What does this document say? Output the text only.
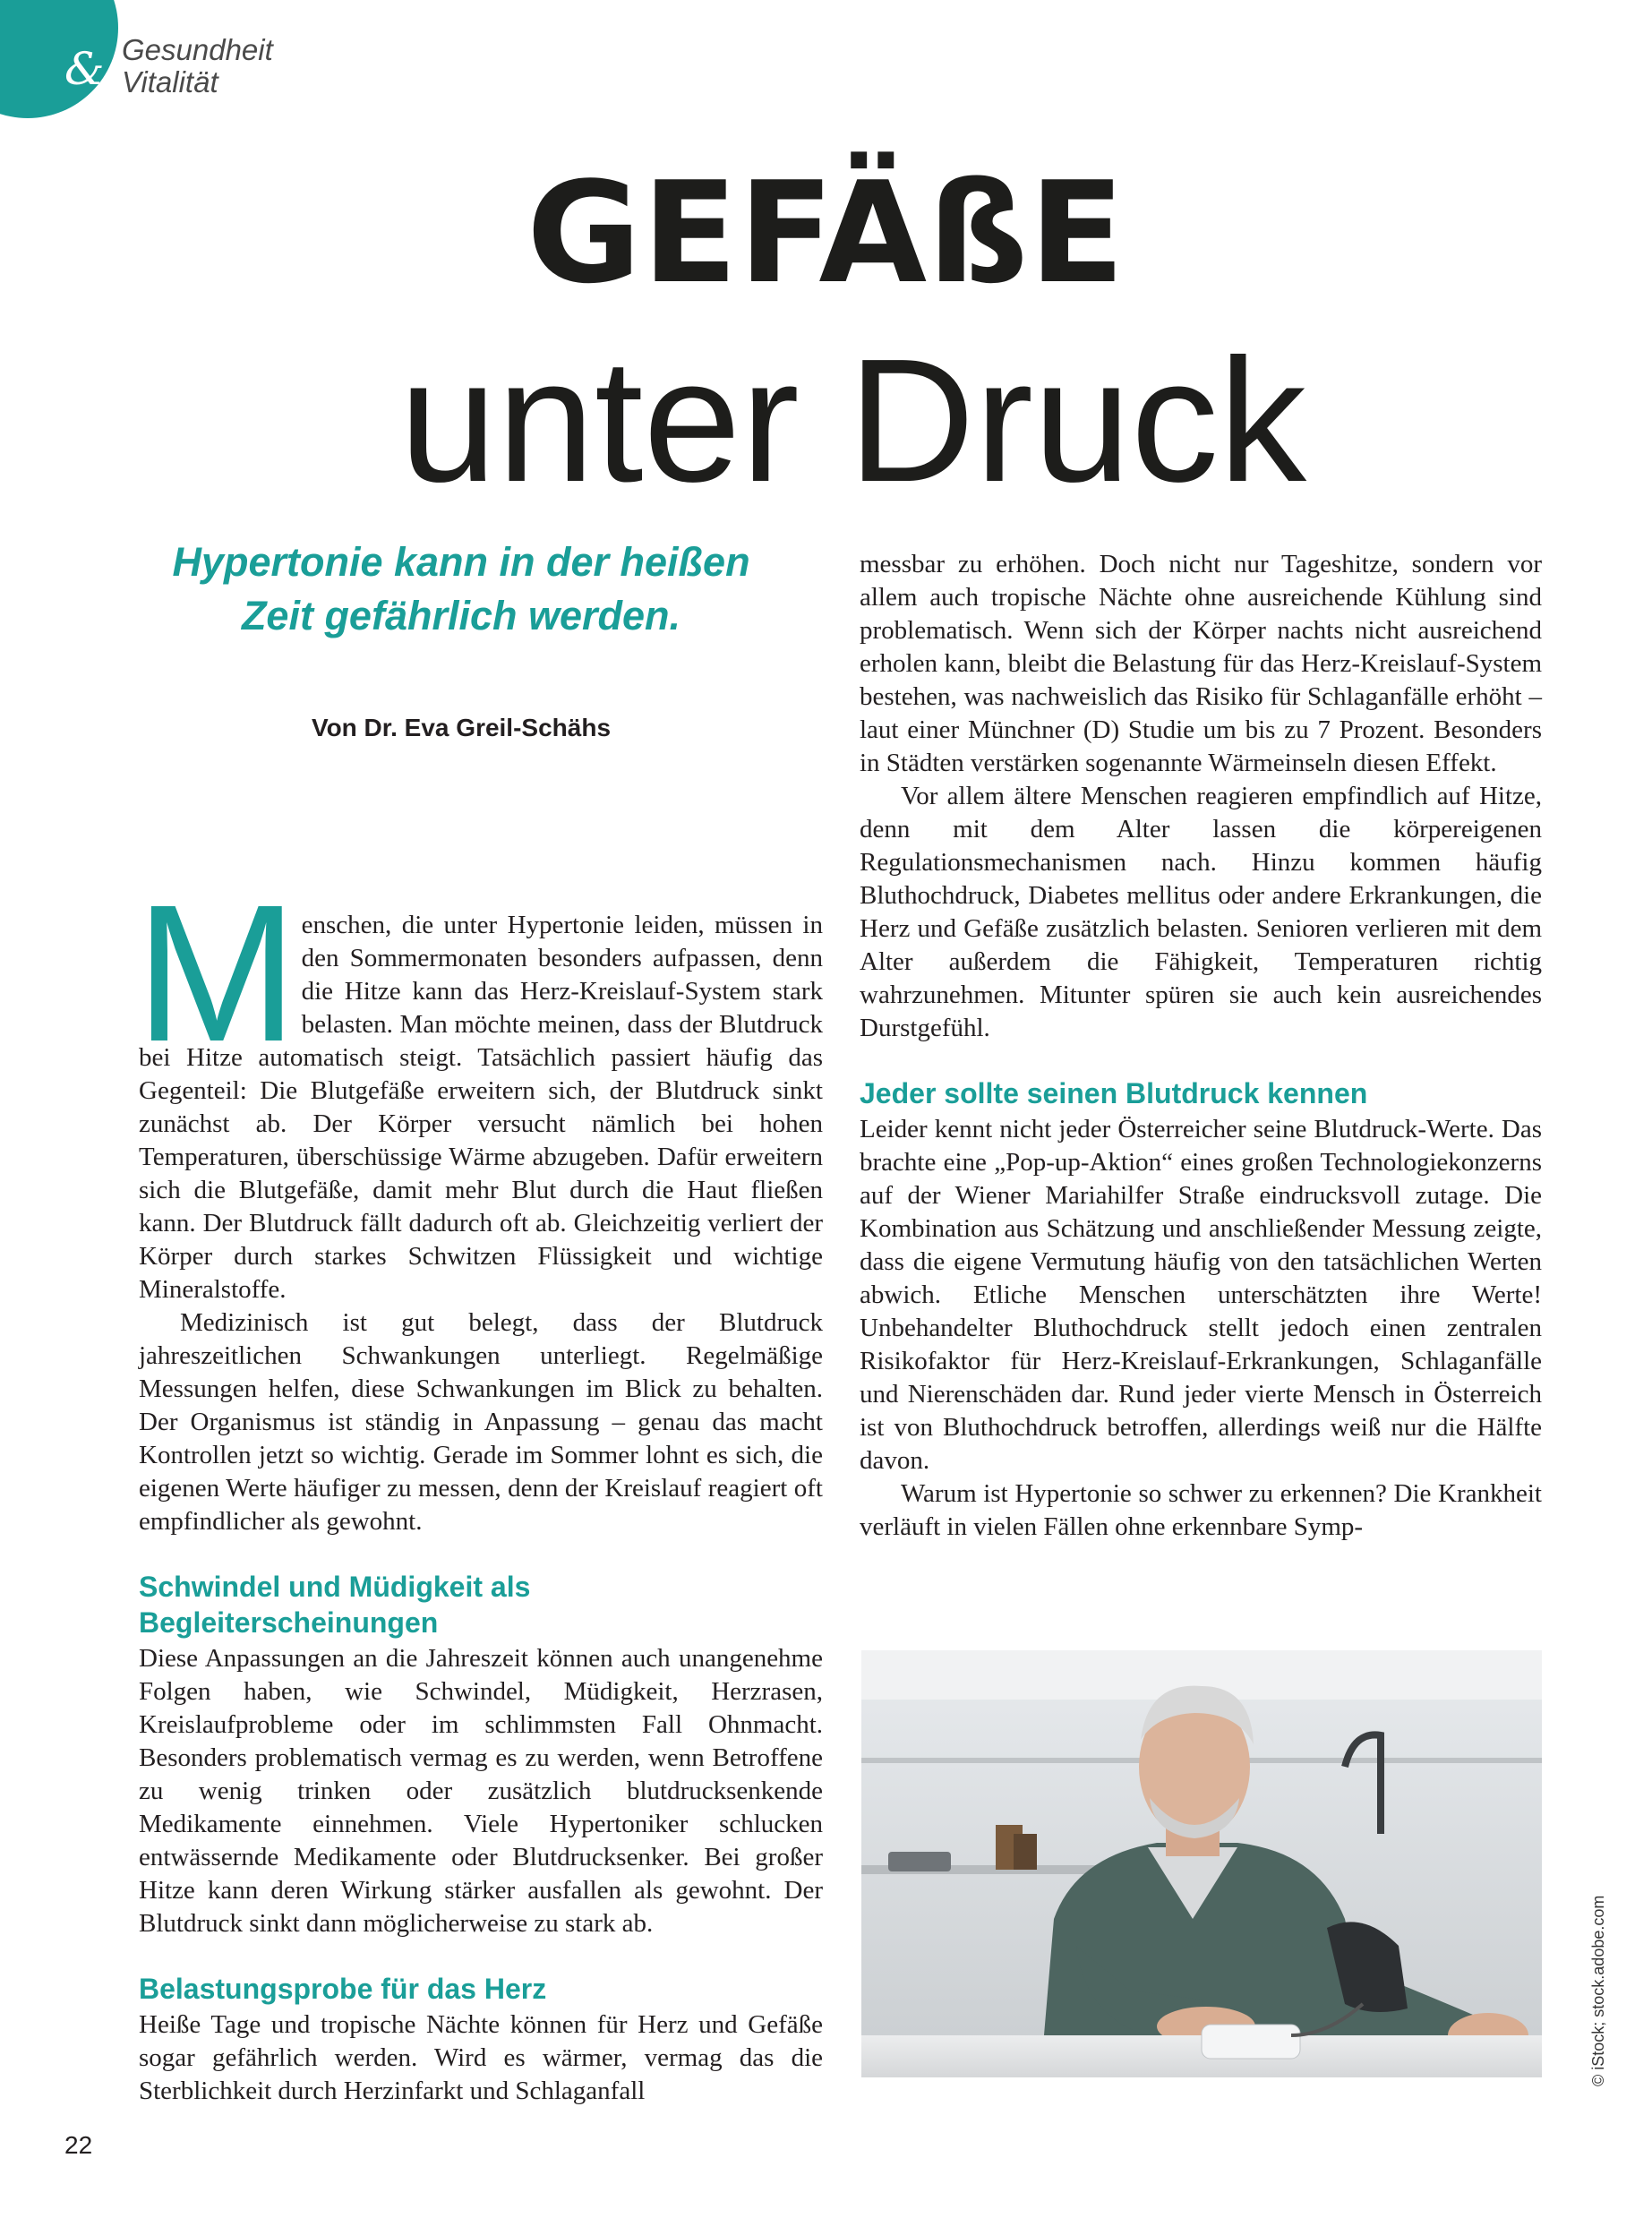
& Gesundheit
Vitalität
GEFÄßE
unter Druck
Hypertonie kann in der heißen Zeit gefährlich werden.
Von Dr. Eva Greil-Schähs
M enschen, die unter Hypertonie leiden, müssen in den Sommermonaten besonders aufpassen, denn die Hitze kann das Herz-Kreislauf-System stark belasten. Man möchte meinen, dass der Blutdruck bei Hitze automatisch steigt. Tatsächlich passiert häufig das Gegenteil: Die Blutgefäße erweitern sich, der Blutdruck sinkt zunächst ab. Der Körper versucht nämlich bei hohen Temperaturen, überschüssige Wärme abzugeben. Dafür erweitern sich die Blutgefäße, damit mehr Blut durch die Haut fließen kann. Der Blutdruck fällt dadurch oft ab. Gleichzeitig verliert der Körper durch starkes Schwitzen Flüssigkeit und wichtige Mineralstoffe.

Medizinisch ist gut belegt, dass der Blutdruck jahreszeitlichen Schwankungen unterliegt. Regelmäßige Messungen helfen, diese Schwankungen im Blick zu behalten. Der Organismus ist ständig in Anpassung – genau das macht Kontrollen jetzt so wichtig. Gerade im Sommer lohnt es sich, die eigenen Werte häufiger zu messen, denn der Kreislauf reagiert oft empfindlicher als gewohnt.

Schwindel und Müdigkeit als Begleiterscheinungen

Diese Anpassungen an die Jahreszeit können auch unangenehme Folgen haben, wie Schwindel, Müdigkeit, Herzrasen, Kreislaufprobleme oder im schlimmsten Fall Ohnmacht. Besonders problematisch vermag es zu werden, wenn Betroffene zu wenig trinken oder zusätzlich blutdrucksenkende Medikamente einnehmen. Viele Hypertoniker schlucken entwässernde Medikamente oder Blutdrucksenker. Bei großer Hitze kann deren Wirkung stärker ausfallen als gewohnt. Der Blutdruck sinkt dann möglicherweise zu stark ab.

Belastungsprobe für das Herz

Heiße Tage und tropische Nächte können für Herz und Gefäße sogar gefährlich werden. Wird es wärmer, vermag das die Sterblichkeit durch Herzinfarkt und Schlaganfall

messbar zu erhöhen. Doch nicht nur Tageshitze, sondern vor allem auch tropische Nächte ohne ausreichende Kühlung sind problematisch. Wenn sich der Körper nachts nicht ausreichend erholen kann, bleibt die Belastung für das Herz-Kreislauf-System bestehen, was nachweislich das Risiko für Schlaganfälle erhöht – laut einer Münchner (D) Studie um bis zu 7 Prozent. Besonders in Städten verstärken sogenannte Wärmeinseln diesen Effekt.

Vor allem ältere Menschen reagieren empfindlich auf Hitze, denn mit dem Alter lassen die körpereigenen Regulationsmechanismen nach. Hinzu kommen häufig Bluthochdruck, Diabetes mellitus oder andere Erkrankungen, die Herz und Gefäße zusätzlich belasten. Senioren verlieren mit dem Alter außerdem die Fähigkeit, Temperaturen richtig wahrzunehmen. Mitunter spüren sie auch kein ausreichendes Durstgefühl.

Jeder sollte seinen Blutdruck kennen

Leider kennt nicht jeder Österreicher seine Blutdruck-Werte. Das brachte eine „Pop-up-Aktion“ eines großen Technologiekonzerns auf der Wiener Mariahilfer Straße eindrucksvoll zutage. Die Kombination aus Schätzung und anschließender Messung zeigte, dass die eigene Vermutung häufig von den tatsächlichen Werten abwich. Etliche Menschen unterschätzten ihre Werte! Unbehandelter Bluthochdruck stellt jedoch einen zentralen Risikofaktor für Herz-Kreislauf-Erkrankungen, Schlaganfälle und Nierenschäden dar. Rund jeder vierte Mensch in Österreich ist von Bluthochdruck betroffen, allerdings weiß nur die Hälfte davon.

Warum ist Hypertonie so schwer zu erkennen? Die Krankheit verläuft in vielen Fällen ohne erkennbare Symp-

© iStock; stock.adobe.com
22
